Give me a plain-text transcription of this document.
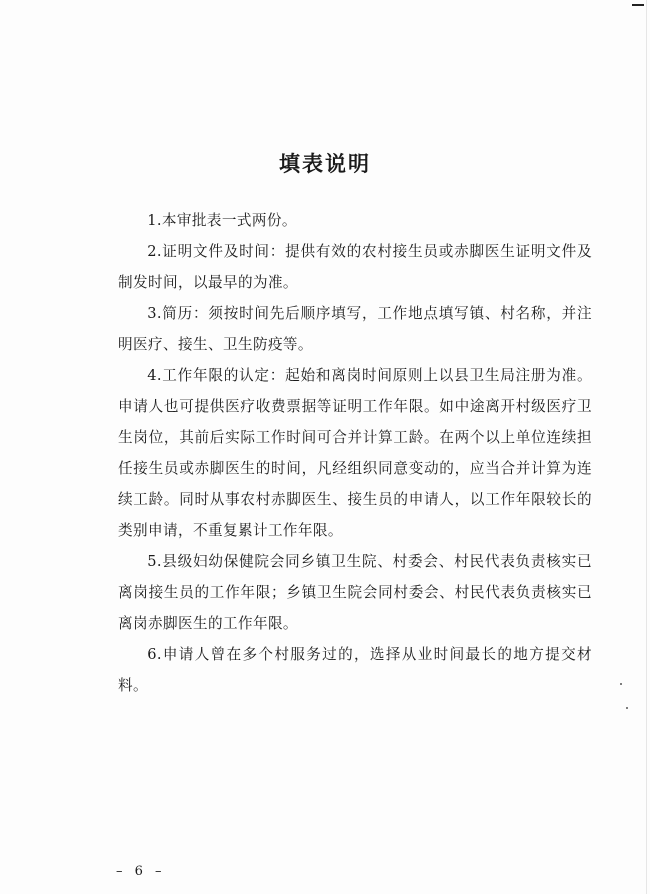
填表说明

1.本审批表一式两份。

2.证明文件及时间：提供有效的农村接生员或赤脚医生证明文件及制发时间，以最早的为准。

3.简历：须按时间先后顺序填写，工作地点填写镇、村名称，并注明医疗、接生、卫生防疫等。

4.工作年限的认定：起始和离岗时间原则上以县卫生局注册为准。申请人也可提供医疗收费票据等证明工作年限。如中途离开村级医疗卫生岗位，其前后实际工作时间可合并计算工龄。在两个以上单位连续担任接生员或赤脚医生的时间，凡经组织同意变动的，应当合并计算为连续工龄。同时从事农村赤脚医生、接生员的申请人，以工作年限较长的类别申请，不重复累计工作年限。

5.县级妇幼保健院会同乡镇卫生院、村委会、村民代表负责核实已离岗接生员的工作年限；乡镇卫生院会同村委会、村民代表负责核实已离岗赤脚医生的工作年限。

6.申请人曾在多个村服务过的，选择从业时间最长的地方提交材料。

– 6 –
